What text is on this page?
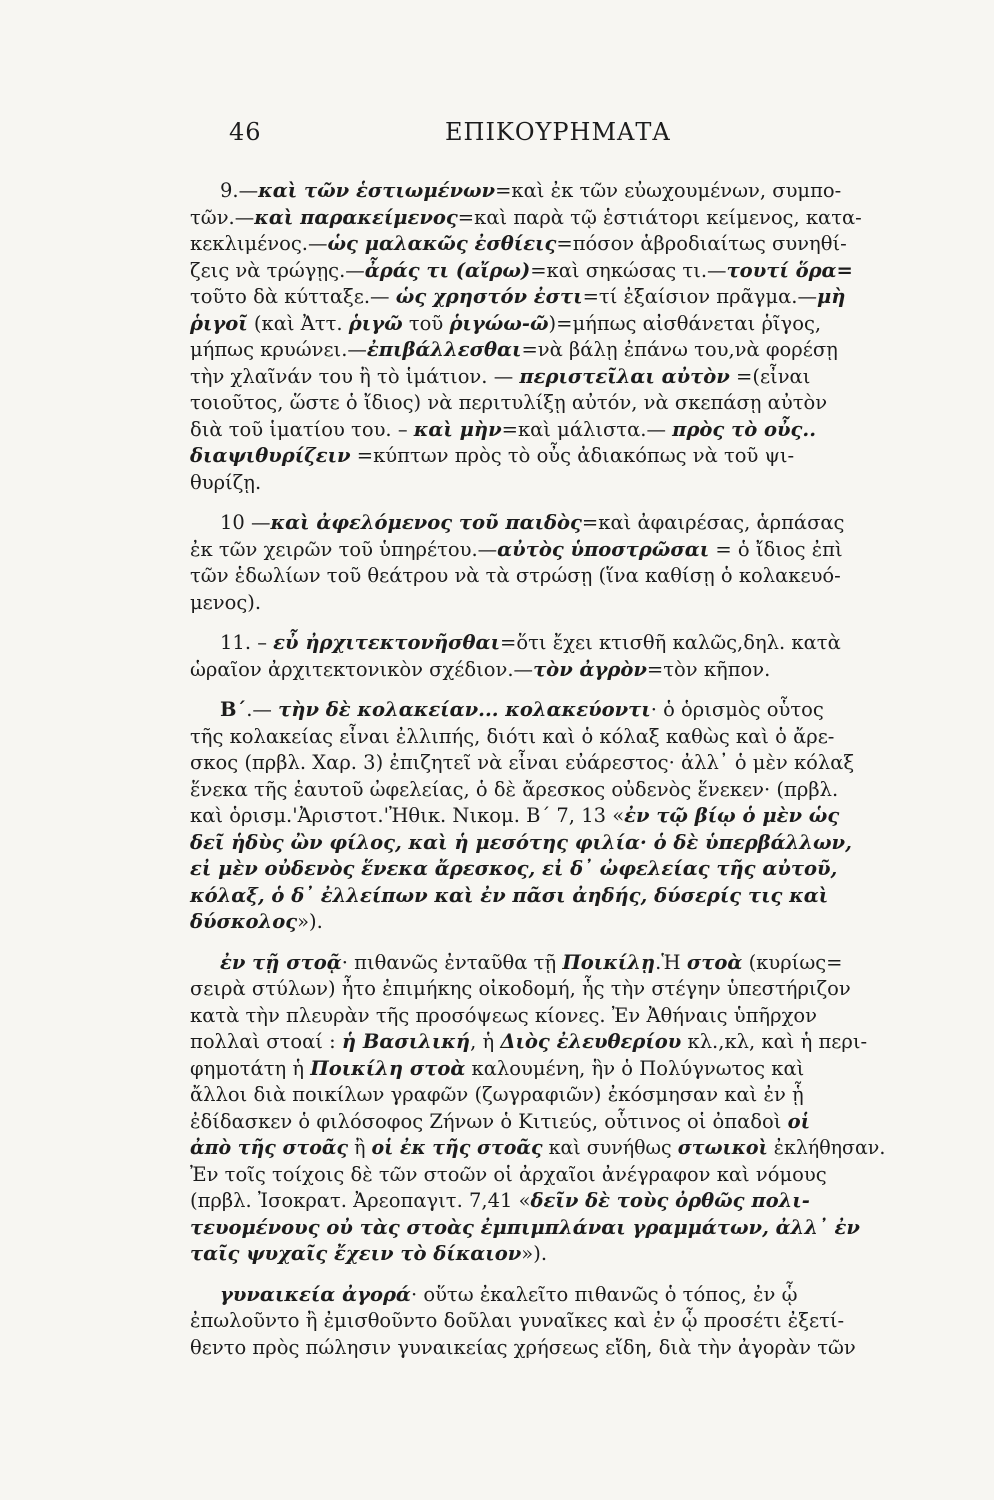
46	ΕΠΙΚΟΥΡΗΜΑΤΑ
9.—καὶ τῶν ἑστιωμένων=καὶ ἐκ τῶν εὐωχουμένων, συμπο-
τῶν.—καὶ παρακείμενος=καὶ παρὰ τῷ ἑστιάτορι κείμενος, κατα-
κεκλιμένος.—ὡς μαλακῶς ἐσθίεις=πόσον ἁβροδιαίτως συνηθί-
ζεις νὰ τρώγῃς.—ἆράς τι (αἴρω)=καὶ σηκώσας τι.—τουτί ὅρα=
τοῦτο δὰ κύτταξε.— ὡς χρηστόν ἐστι=τί ἐξαίσιον πρᾶγμα.—μὴ
ῥιγοῖ (καὶ Ἀττ. ῥιγῶ τοῦ ῥιγώω-ῶ)=μήπως αἰσθάνεται ῥῖγος,
μήπως κρυώνει.—ἐπιβάλλεσθαι=νὰ βάλῃ ἐπάνω του,νὰ φορέσῃ
τὴν χλαῖνάν του ἢ τὸ ἱμάτιον. — περιστεῖλαι αὐτὸν =(εἶναι
τοιοῦτος, ὥστε ὁ ἴδιος) νὰ περιτυλίξῃ αὐτόν, νὰ σκεπάσῃ αὐτὸν
διὰ τοῦ ἱματίου του. – καὶ μὴν=καὶ μάλιστα.— πρὸς τὸ οὖς..
διαψιθυρίζειν =κύπτων πρὸς τὸ οὖς ἀδιακόπως νὰ τοῦ ψι-
θυρίζῃ.
10 —καὶ ἀφελόμενος τοῦ παιδὸς=καὶ ἀφαιρέσας, ἁρπάσας
ἐκ τῶν χειρῶν τοῦ ὑπηρέτου.—αὐτὸς ὑποστρῶσαι = ὁ ἴδιος ἐπὶ
τῶν ἑδωλίων τοῦ θεάτρου νὰ τὰ στρώσῃ (ἵνα καθίσῃ ὁ κολακευό-
μενος).
11. – εὖ ἠρχιτεκτονῆσθαι=ὅτι ἔχει κτισθῆ καλῶς,δηλ. κατὰ
ὡραῖον ἀρχιτεκτονικὸν σχέδιον.—τὸν ἀγρὸν=τὸν κῆπον.
Β΄.— τὴν δὲ κολακείαν... κολακεύοντι· ὁ ὁρισμὸς οὗτος
τῆς κολακείας εἶναι ἐλλιπής, διότι καὶ ὁ κόλαξ καθὼς καὶ ὁ ἄρε-
σκος (πρβλ. Χαρ. 3) ἐπιζητεῖ νὰ εἶναι εὐάρεστος· ἀλλ᾽ ὁ μὲν κόλαξ
ἕνεκα τῆς ἑαυτοῦ ὠφελείας, ὁ δὲ ἄρεσκος οὐδενὸς ἕνεκεν· (πρβλ.
καὶ ὁρισμ.'Ἀριστοτ.'Ἠθικ. Νικομ. Β΄ 7, 13 «ἐν τῷ βίῳ ὁ μὲν ὡς
δεῖ ἡδὺς ὢν φίλος, καὶ ἡ μεσότης φιλία· ὁ δὲ ὑπερβάλλων,
εἰ μὲν οὐδενὸς ἕνεκα ἄρεσκος, εἰ δ᾽ ὠφελείας τῆς αὐτοῦ,
κόλαξ, ὁ δ᾽ ἐλλείπων καὶ ἐν πᾶσι ἀηδής, δύσερίς τις καὶ
δύσκολος»).
ἐν τῇ στοᾷ· πιθανῶς ἐνταῦθα τῇ Ποικίλῃ.Ἡ στοὰ (κυρίως=
σειρὰ στύλων) ἦτο ἐπιμήκης οἰκοδομή, ἧς τὴν στέγην ὑπεστήριζον
κατὰ τὴν πλευρὰν τῆς προσόψεως κίονες. Ἐν Ἀθήναις ὑπῆρχον
πολλαὶ στοαί : ἡ Βασιλική, ἡ Διὸς ἐλευθερίου κλ.,κλ, καὶ ἡ περι-
φημοτάτη ἡ Ποικίλη στοὰ καλουμένη, ἣν ὁ Πολύγνωτος καὶ
ἄλλοι διὰ ποικίλων γραφῶν (ζωγραφιῶν) ἐκόσμησαν καὶ ἐν ᾗ
ἐδίδασκεν ὁ φιλόσοφος Ζήνων ὁ Κιτιεύς, οὗτινος οἱ ὀπαδοὶ οἱ
ἀπὸ τῆς στοᾶς ἢ οἱ ἐκ τῆς στοᾶς καὶ συνήθως στωικοὶ ἐκλήθησαν.
Ἐν τοῖς τοίχοις δὲ τῶν στοῶν οἱ ἀρχαῖοι ἀνέγραφον καὶ νόμους
(πρβλ. Ἰσοκρατ. Ἀρεοπαγιτ. 7,41 «δεῖν δὲ τοὺς ὀρθῶς πολι-
τευομένους οὐ τὰς στοὰς ἐμπιμπλάναι γραμμάτων, ἀλλ᾽ ἐν
ταῖς ψυχαῖς ἔχειν τὸ δίκαιον»).
γυναικεία ἀγορά· οὕτω ἐκαλεῖτο πιθανῶς ὁ τόπος, ἐν ᾧ
ἐπωλοῦντο ἢ ἐμισθοῦντο δοῦλαι γυναῖκες καὶ ἐν ᾧ προσέτι ἐξετί-
θεντο πρὸς πώλησιν γυναικείας χρήσεως εἴδη, διὰ τὴν ἀγορὰν τῶν
